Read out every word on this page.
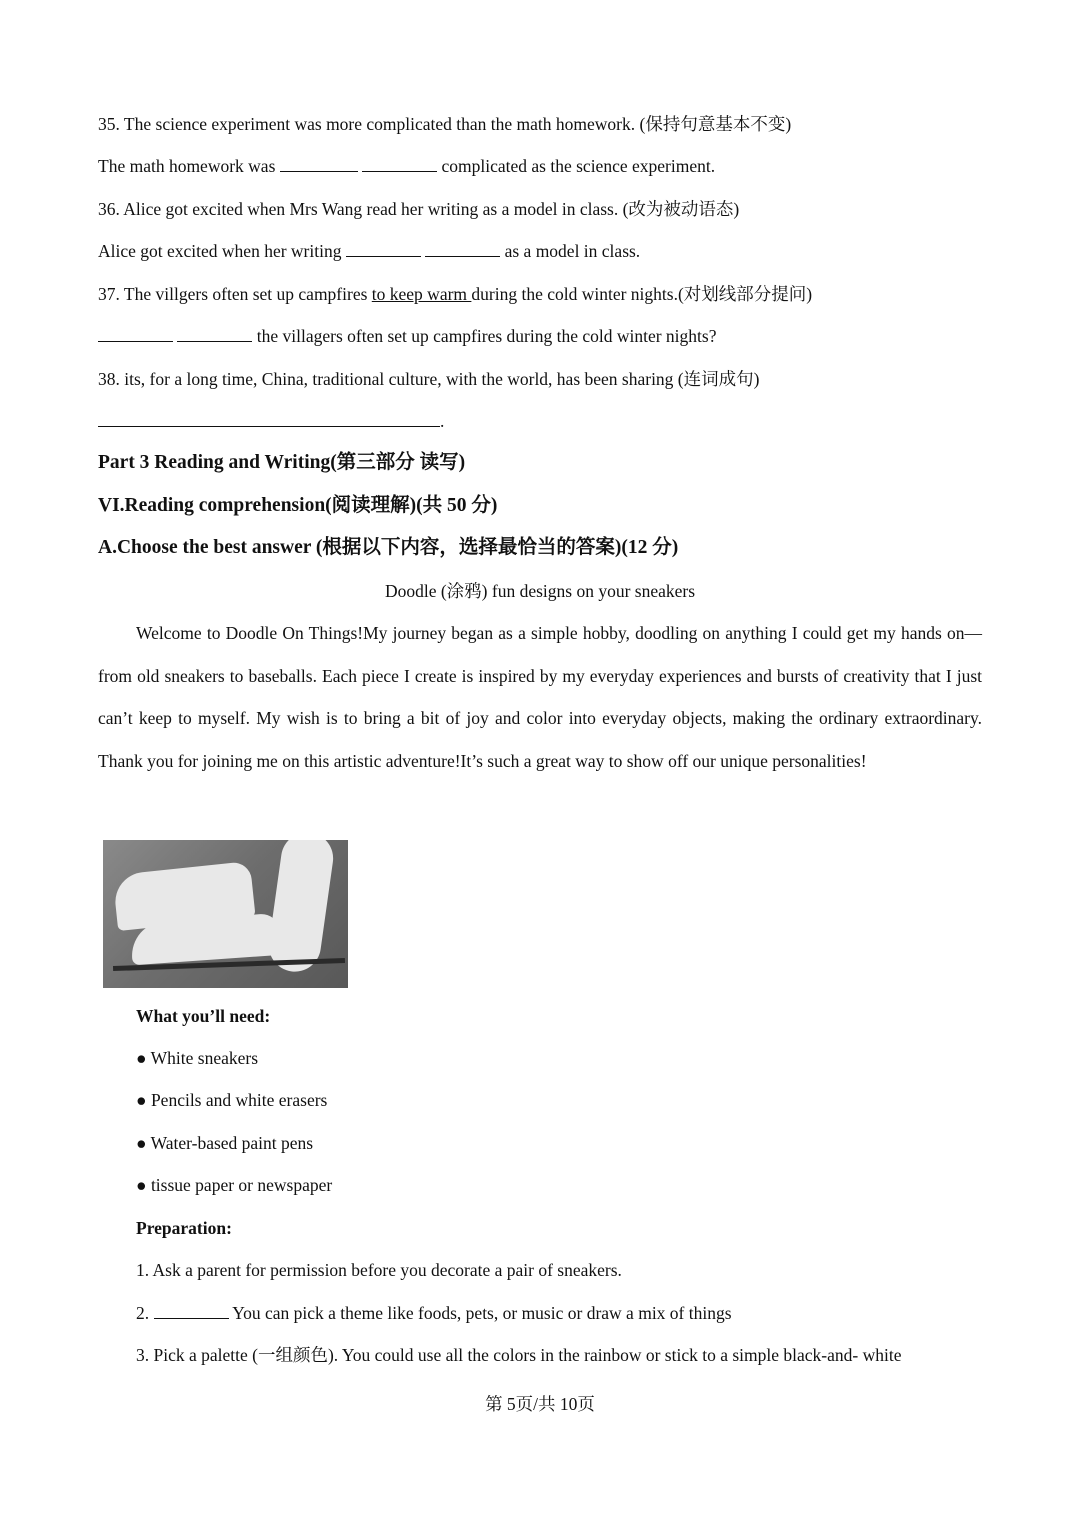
35. The science experiment was more complicated than the math homework. (保持句意基本不变)
The math homework was	complicated as the science experiment.
36. Alice got excited when Mrs Wang read her writing as a model in class. (改为被动语态)
Alice got excited when her writing	as a model in class.
37. The villgers often set up campfires to keep warm during the cold winter nights.(对划线部分提问)
the villagers often set up campfires during the cold winter nights?
38. its, for a long time, China, traditional culture, with the world, has been sharing (连词成句)
.
Part 3 Reading and Writing(第三部分 读写)
VI.Reading comprehension(阅读理解)(共 50 分)
A.Choose the best answer (根据以下内容，选择最恰当的答案)(12 分)
Doodle (涂鸦) fun designs on your sneakers
Welcome to Doodle On Things!My journey began as a simple hobby, doodling on anything I could get my hands on—from old sneakers to baseballs. Each piece I create is inspired by my everyday experiences and bursts of creativity that I just can’t keep to myself. My wish is to bring a bit of joy and color into everyday objects, making the ordinary extraordinary. Thank you for joining me on this artistic adventure!It’s such a great way to show off our unique personalities!
What you’ll need:
● White sneakers
● Pencils and white erasers
● Water-based paint pens
● tissue paper or newspaper
Preparation:
1. Ask a parent for permission before you decorate a pair of sneakers.
2.	You can pick a theme like foods, pets, or music or draw a mix of things
3. Pick a palette (一组颜色). You could use all the colors in the rainbow or stick to a simple black-and- white
第 5页/共 10页
